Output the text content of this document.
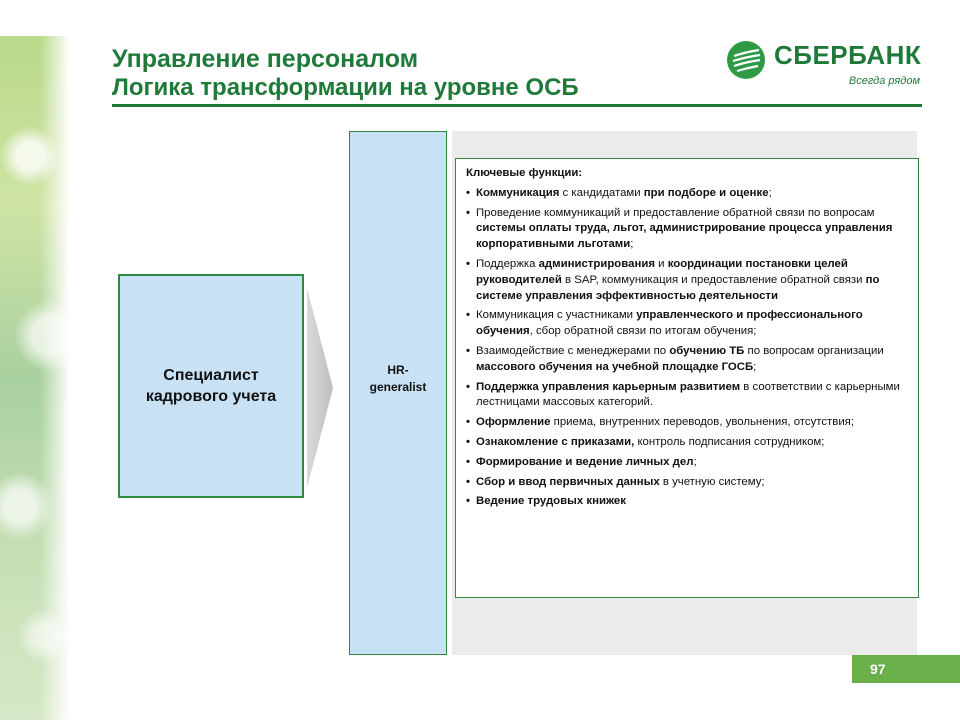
Управление персоналом
Логика трансформации на уровне ОСБ
СБЕРБАНК
Всегда рядом
Специалист
кадрового учета
HR-
generalist
Ключевые функции:
• Коммуникация с кандидатами при подборе и оценке;
• Проведение коммуникаций и предоставление обратной связи по вопросам системы оплаты труда, льгот, администрирование процесса управления корпоративными льготами;
• Поддержка администрирования и координации постановки целей руководителей в SAP, коммуникация и предоставление обратной связи по системе управления эффективностью деятельности
• Коммуникация с участниками управленческого и профессионального обучения, сбор обратной связи по итогам обучения;
• Взаимодействие с менеджерами по обучению ТБ по вопросам организации массового обучения на учебной площадке ГОСБ;
• Поддержка управления карьерным развитием в соответствии с карьерными лестницами массовых категорий.
• Оформление приема, внутренних переводов, увольнения, отсутствия;
• Ознакомление с приказами, контроль подписания сотрудником;
• Формирование и ведение личных дел;
• Сбор и ввод первичных данных в учетную систему;
• Ведение трудовых книжек
97
